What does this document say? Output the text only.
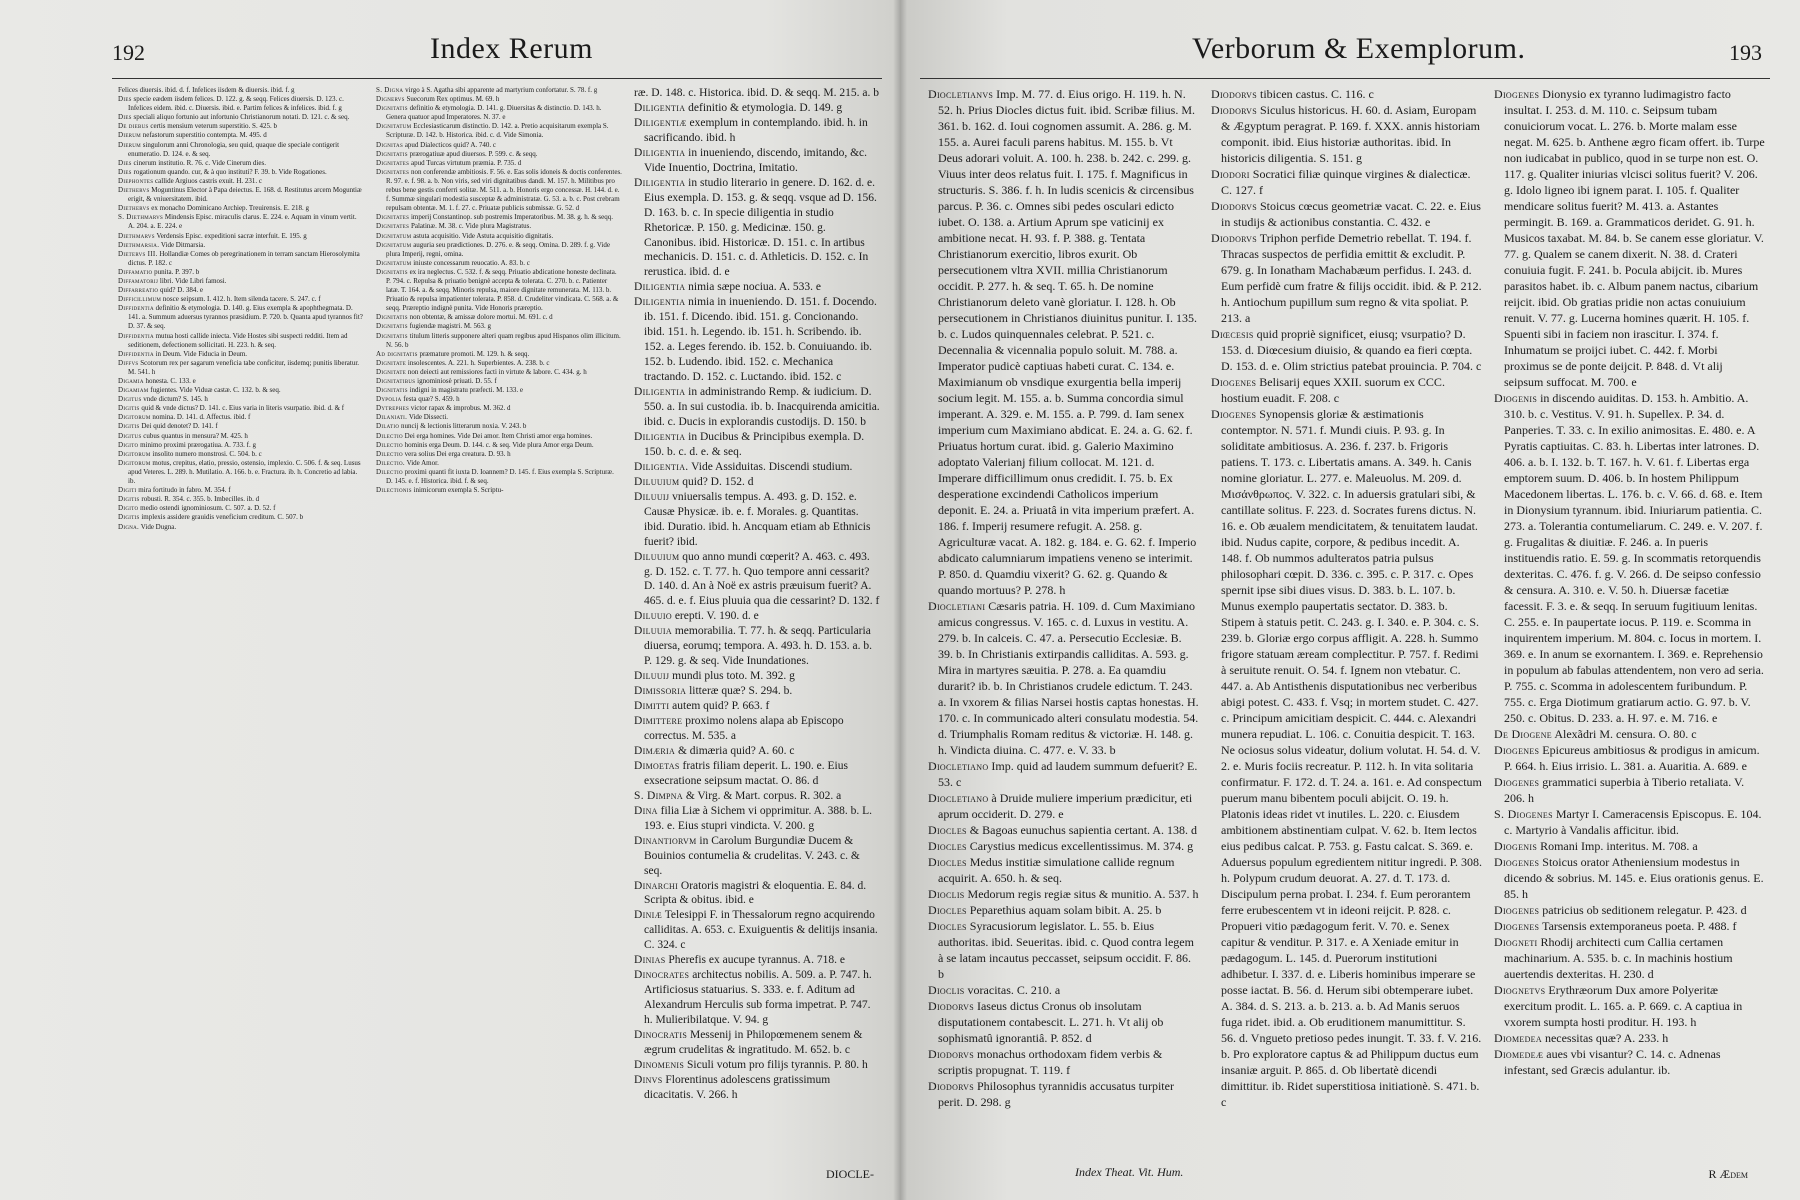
192	Index Rerum

Felices diuersis. ibid. d. f. Infelices iisdem & diuersis. ibid. f. g

Dies specie eædem iisdem felices. D. 122. g. & seqq. Felices diuersis. D. 123. c. Infelices eidem. ibid. c. Diuersis. ibid. e. Partim felices & infelices. ibid. f. g

Dies speciali aliquo fortunio aut infortunio Christianorum notati. D. 121. c. & seq.

De diebus certis mensium veterum superstitio. S. 425. b

Dierum nefastorum superstitio contempta. M. 495. d

Dierum singulorum anni Chronologia, seu quid, quaque die speciale contigerit enumeratio. D. 124. e. & seq.

Dies cinerum institutio. R. 76. c. Vide Cinerum dies.

Dies rogationum quando. cur, & à quo instituti? F. 39. b. Vide Rogationes.

Diephontes callide Argiuos castris exuit. H. 231. c

Diethervs Moguntinus Elector à Papa deiectus. E. 168. d. Restitutus arcem Moguntiæ erigit, & vniuersitatem. ibid.

Diethervs ex monacho Dominicano Archiep. Treuirensis. E. 218. g

S. Diethmarvs Mindensis Episc. miraculis clarus. E. 224. e. Aquam in vinum vertit. A. 204. a. E. 224. e

Diethmarvs Verdensis Episc. expeditioni sacræ interfuit. E. 195. g

Diethmarsia. Vide Ditmarsia.

Dietervs III. Hollandiæ Comes ob peregrinationem in terram sanctam Hierosolymita dictus. P. 182. c

Diffamatio punita. P. 397. b

Diffamatorij libri. Vide Libri famosi.

Diffarreatio quid? D. 384. e

Difficillimum nosce seipsum. I. 412. h. Item silenda tacere. S. 247. c. f

Diffidentia definitio & etymologia. D. 140. g. Eius exempla & apophthegmata. D. 141. a. Summum aduersus tyrannos præsidium. P. 720. b. Quanta apud tyrannos fit? D. 37. & seq.

Diffidentia mutua hosti callide iniecta. Vide Hostes sibi suspecti redditi. Item ad seditionem, defectionem sollicitati. H. 223. h. & seq.

Diffidentia in Deum. Vide Fiducia in Deum.

Diffvs Scotorum rex per sagarum veneficia tabe conficitur, iisdemq; punitis liberatur. M. 541. h

Digamia honesta. C. 133. e

Digamiam fugientes. Vide Viduæ castæ. C. 132. b. & seq.

Digitus vnde dictum? S. 145. h

Digitis quid & vnde dictus? D. 141. c. Eius varia in literis vsurpatio. ibid. d. & f

Digitorum nomina. D. 141. d. Affectus. ibid. f

Digitis Dei quid denotet? D. 141. f

Digitus cubus quantus in mensura? M. 425. h

Digito minimo proximi prærogatiua. A. 733. f. g

Digitorum insolito numero monstrosi. C. 504. b. c

Digitorum motus, crepitus, elatio, pressio, ostensio, implexio. C. 506. f. & seq. Lusus apud Veteres. L. 289. h. Mutilatio. A. 166. b. e. Fractura. ib. h. Concretio ad labia. ib.

Digiti mira fortitudo in fabro. M. 354. f

Digitis robusti. R. 354. c. 355. b. Imbecilles. ib. d

Digito medio ostendi ignominiosum. C. 507. a. D. 52. f

Digitis implexis assidere grauidis veneficium creditum. C. 507. b

Digna. Vide Dugna.

S. Digna virgo à S. Agatha sibi apparente ad martyrium confortatur. S. 78. f. g

Dignervs Suecorum Rex optimus. M. 69. h

Dignitatis definitio & etymologia. D. 141. g. Diuersitas & distinctio. D. 143. h. Genera quatuor apud Imperatores. N. 37. e

Dignitatum Ecclesiasticarum distinctio. D. 142. a. Pretio acquisitarum exempla S. Scripturæ. D. 142. b. Historica. ibid. c. d. Vide Simonia.

Dignitas apud Dialecticos quid? A. 740. c

Dignitatis prærogatiuæ apud diuersos. P. 599. c. & seqq.

Dignitates apud Turcas virtutum præmia. P. 735. d

Dignitates non conferendæ ambitiosis. F. 56. e. Eas solis idoneis & doctis conferentes. R. 97. e. f. 98. a. b. Non viris, sed viri dignitatibus dandi. M. 157. h. Militibus pro rebus bene gestis conferri solitæ. M. 511. a. b. Honoris ergo concessæ. H. 144. d. e. f. Summæ singulari modestia susceptæ & administratæ. G. 53. a. b. c. Post crebram repulsam obtentæ. M. 1. f. 27. c. Priuatæ publicis submissæ. G. 52. d

Dignitates imperij Constantinop. sub postremis Imperatoribus. M. 38. g. h. & seqq.

Dignitates Palatinæ. M. 38. c. Vide plura Magistratus.

Dignitatum astuta acquisitio. Vide Astuta acquisitio dignitatis.

Dignitatum auguria seu prædictiones. D. 276. e. & seqq. Omina. D. 289. f. g. Vide plura Imperij, regni, omina.

Dignitatum iniuste concessarum reuocatio. A. 83. b. c

Dignitatis ex ira neglectus. C. 532. f. & seqq. Priuatio abdicatione honeste declinata. P. 794. c. Repulsa & priuatio benignè accepta & tolerata. C. 270. b. c. Patienter latæ. T. 164. a. & seqq. Minoris repulsa, maiore dignitate remunerata. M. 113. b. Priuatio & repulsa impatienter tolerata. P. 858. d. Crudeliter vindicata. C. 568. a. & seqq. Præreptio indignè punita. Vide Honoris præreptio.

Dignitatis non obtentæ, & amissæ dolore mortui. M. 691. c. d

Dignitatis fugiendæ magistri. M. 563. g

Dignitatis titulum litteris supponere alteri quam regibus apud Hispanos olim illicitum. N. 56. b

Ad dignitatis præmature promoti. M. 129. h. & seqq.

Dignitate insolescentes. A. 221. h. Superbientes. A. 238. b. c

Dignitate non deiecti aut remissiores facti in virtute & labore. C. 434. g. h

Dignitatibus ignominiosè priuati. D. 55. f

Dignitatis indigni in magistratu præfecti. M. 133. e

Dypolia festa quæ? S. 459. h

Dytrephes victor rapax & improbus. M. 362. d

Dilaniati. Vide Dissecti.

Dilatio nuncij & lectionis litterarum noxia. V. 243. b

Dilectio Dei erga homines. Vide Dei amor. Item Christi amor erga homines.

Dilectio hominis erga Deum. D. 144. c. & seq. Vide plura Amor erga Deum.

Dilectio vera solius Dei erga creatura. D. 93. h

Dilectio. Vide Amor.

Dilectio proximi quanti fit iuxta D. Ioannem? D. 145. f. Eius exempla S. Scripturæ. D. 145. e. f. Historica. ibid. f. & seq.

Dilectionis inimicorum exempla S. Scriptu-

ræ. D. 148. c. Historica. ibid. D. & seqq. M. 215. a. b

Diligentia definitio & etymologia. D. 149. g

Diligentiæ exemplum in contemplando. ibid. h. in sacrificando. ibid. h

Diligentia in inueniendo, discendo, imitando, &c. Vide Inuentio, Doctrina, Imitatio.

Diligentia in studio literario in genere. D. 162. d. e. Eius exempla. D. 153. g. & seqq. vsque ad D. 156. D. 163. b. c. In specie diligentia in studio Rhetoricæ. P. 150. g. Medicinæ. 150. g. Canonibus. ibid. Historicæ. D. 151. c. In artibus mechanicis. D. 151. c. d. Athleticis. D. 152. c. In rerustica. ibid. d. e

Diligentia nimia sæpe nociua. A. 533. e

Diligentia nimia in inueniendo. D. 151. f. Docendo. ib. 151. f. Dicendo. ibid. 151. g. Concionando. ibid. 151. h. Legendo. ib. 151. h. Scribendo. ib. 152. a. Leges ferendo. ib. 152. b. Conuiuando. ib. 152. b. Ludendo. ibid. 152. c. Mechanica tractando. D. 152. c. Luctando. ibid. 152. c

Diligentia in administrando Remp. & iudicium. D. 550. a. In sui custodia. ib. b. Inacquirenda amicitia. ibid. c. Ducis in explorandis custodijs. D. 150. b

Diligentia in Ducibus & Principibus exempla. D. 150. b. c. d. e. & seq.

Diligentia. Vide Assiduitas. Discendi studium.

Diluuium quid? D. 152. d

Diluuij vniuersalis tempus. A. 493. g. D. 152. e. Causæ Physicæ. ib. e. f. Morales. g. Quantitas. ibid. Duratio. ibid. h. Ancquam etiam ab Ethnicis fuerit? ibid.

Diluuium quo anno mundi cœperit? A. 463. c. 493. g. D. 152. c. T. 77. h. Quo tempore anni cessarit? D. 140. d. An à Noë ex astris præuisum fuerit? A. 465. d. e. f. Eius pluuia qua die cessarint? D. 132. f

Diluuio erepti. V. 190. d. e

Diluuia memorabilia. T. 77. h. & seqq. Particularia diuersa, eorumq; tempora. A. 493. h. D. 153. a. b. P. 129. g. & seq. Vide Inundationes.

Diluuij mundi plus toto. M. 392. g

Dimissoria litteræ quæ? S. 294. b.

Dimitti autem quid? P. 663. f

Dimittere proximo nolens alapa ab Episcopo correctus. M. 535. a

Dimæria & dimæria quid? A. 60. c

Dimoetas fratris filiam deperit. L. 190. e. Eius exsecratione seipsum mactat. O. 86. d

S. Dimpna & Virg. & Mart. corpus. R. 302. a

Dina filia Liæ à Sichem vi opprimitur. A. 388. b. L. 193. e. Eius stupri vindicta. V. 200. g

Dinantiorvm in Carolum Burgundiæ Ducem & Bouinios contumelia & crudelitas. V. 243. c. & seq.

Dinarchi Oratoris magistri & eloquentia. E. 84. d. Scripta & obitus. ibid. e

Diniæ Telesippi F. in Thessalorum regno acquirendo calliditas. A. 653. c. Exuiguentis & delitijs insania. C. 324. c

Dinias Pherefis ex aucupe tyrannus. A. 718. e

Dinocrates architectus nobilis. A. 509. a. P. 747. h. Artificiosus statuarius. S. 333. e. f. Aditum ad Alexandrum Herculis sub forma impetrat. P. 747. h. Mulieribilatque. V. 94. g

Dinocratis Messenij in Philopœmenem senem & ægrum crudelitas & ingratitudo. M. 652. b. c

Dinomenis Siculi votum pro filijs tyrannis. P. 80. h

Dinvs Florentinus adolescens gratissimum dicacitatis. V. 266. h

DIOCLE-
Verborum & Exemplorum.	193

Diocletianvs Imp. M. 77. d. Eius origo. H. 119. h. N. 52. h. Prius Diocles dictus fuit. ibid. Scribæ filius. M. 361. b. 162. d. Ioui cognomen assumit. A. 286. g. M. 155. a. Aurei faculi parens habitus. M. 155. b. Vt Deus adorari voluit. A. 100. h. 238. b. 242. c. 299. g. Viuus inter deos relatus fuit. I. 175. f. Magnificus in structuris. S. 386. f. h. In ludis scenicis & circensibus parcus. P. 36. c. Omnes sibi pedes osculari edicto iubet. O. 138. a. Artium Aprum spe vaticinij ex ambitione necat. H. 93. f. P. 388. g. Tentata Christianorum exercitio, libros exurit. Ob persecutionem vltra XVII. millia Christianorum occidit. P. 277. h. & seq. T. 65. h. De nomine Christianorum deleto vanè gloriatur. I. 128. h. Ob persecutionem in Christianos diuinitus punitur. I. 135. b. c. Ludos quinquennales celebrat. P. 521. c. Decennalia & vicennalia populo soluit. M. 788. a. Imperator pudicè captiuas habeti curat. C. 134. e. Maximianum ob vnsdique exurgentia bella imperij socium legit. M. 155. a. b. Summa concordia simul imperant. A. 329. e. M. 155. a. P. 799. d. Iam senex imperium cum Maximiano abdicat. E. 24. a. G. 62. f. Priuatus hortum curat. ibid. g. Galerio Maximino adoptato Valerianj filium collocat. M. 121. d. Imperare difficillimum onus credidit. I. 75. b. Ex desperatione excindendi Catholicos imperium deponit. E. 24. a. Priuatâ in vita imperium præfert. A. 186. f. Imperij resumere refugit. A. 258. g. Agriculturæ vacat. A. 182. g. 184. e. G. 62. f. Imperio abdicato calumniarum impatiens veneno se interimit. P. 850. d. Quamdiu vixerit? G. 62. g. Quando & quando mortuus? P. 278. h

Diocletiani Cæsaris patria. H. 109. d. Cum Maximiano amicus congressus. V. 165. c. d. Luxus in vestitu. A. 279. b. In calceis. C. 47. a. Persecutio Ecclesiæ. B. 39. b. In Christianis extirpandis calliditas. A. 593. g. Mira in martyres sæuitia. P. 278. a. Ea quamdiu durarit? ib. b. In Christianos crudele edictum. T. 243. a. In vxorem & filias Narsei hostis captas honestas. H. 170. c. In communicado alteri consulatu modestia. 54. d. Triumphalis Romam reditus & victoriæ. H. 148. g. h. Vindicta diuina. C. 477. e. V. 33. b

Diocletiano Imp. quid ad laudem summum defuerit? E. 53. c

Diocletiano à Druide muliere imperium prædicitur, eti aprum occiderit. D. 279. e

Diocles & Bagoas eunuchus sapientia certant. A. 138. d

Diocles Carystius medicus excellentissimus. M. 374. g

Diocles Medus institiæ simulatione callide regnum acquirit. A. 650. h. & seq.

Dioclis Medorum regis regiæ situs & munitio. A. 537. h

Diocles Peparethius aquam solam bibit. A. 25. b

Diocles Syracusiorum legislator. L. 55. b. Eius authoritas. ibid. Seueritas. ibid. c. Quod contra legem à se latam incautus peccasset, seipsum occidit. F. 86. b

Dioclis voracitas. C. 210. a

Diodorvs Iaseus dictus Cronus ob insolutam disputationem contabescit. L. 271. h. Vt alij ob sophismatû ignorantiâ. P. 852. d

Diodorvs monachus orthodoxam fidem verbis & scriptis propugnat. T. 119. f

Diodorvs Philosophus tyrannidis accusatus turpiter perit. D. 298. g

Diodorvs tibicen castus. C. 116. c

Diodorvs Siculus historicus. H. 60. d. Asiam, Europam & Ægyptum peragrat. P. 169. f. XXX. annis historiam componit. ibid. Eius historiæ authoritas. ibid. In historicis diligentia. S. 151. g

Diodori Socratici filiæ quinque virgines & dialecticæ. C. 127. f

Diodorvs Stoicus cœcus geometriæ vacat. C. 22. e. Eius in studijs & actionibus constantia. C. 432. e

Diodorvs Triphon perfide Demetrio rebellat. T. 194. f. Thracas suspectos de perfidia emittit & excludit. P. 679. g. In Ionatham Machabæum perfidus. I. 243. d. Eum perfidè cum fratre & filijs occidit. ibid. & P. 212. h. Antiochum pupillum sum regno & vita spoliat. P. 213. a

Diœcesis quid propriè significet, eiusq; vsurpatio? D. 153. d. Diœcesium diuisio, & quando ea fieri cœpta. D. 153. d. e. Olim strictius patebat prouincia. P. 704. c

Diogenes Belisarij eques XXII. suorum ex CCC. hostium euadit. F. 208. c

Diogenes Synopensis gloriæ & æstimationis contemptor. N. 571. f. Mundi ciuis. P. 93. g. In soliditate ambitiosus. A. 236. f. 237. b. Frigoris patiens. T. 173. c. Libertatis amans. A. 349. h. Canis nomine gloriatur. L. 277. e. Maleuolus. M. 209. d. Μισάνθρωπος. V. 322. c. In aduersis gratulari sibi, & cantillate solitus. F. 223. d. Socrates furens dictus. N. 16. e. Ob æualem mendicitatem, & tenuitatem laudat. ibid. Nudus capite, corpore, & pedibus incedit. A. 148. f. Ob nummos adulteratos patria pulsus philosophari cœpit. D. 336. c. 395. c. P. 317. c. Opes spernit ipse sibi diues visus. D. 383. b. L. 107. b. Munus exemplo paupertatis sectator. D. 383. b. Stipem à statuis petit. C. 243. g. I. 340. e. P. 304. c. S. 239. b. Gloriæ ergo corpus affligit. A. 228. h. Summo frigore statuam æream complectitur. P. 757. f. Redimi à seruitute renuit. O. 54. f. Ignem non vtebatur. C. 447. a. Ab Antisthenis disputationibus nec verberibus abigi potest. C. 433. f. Vsq; in mortem studet. C. 427. c. Principum amicitiam despicit. C. 444. c. Alexandri munera repudiat. L. 106. c. Conuitia despicit. T. 163. Ne ociosus solus videatur, dolium volutat. H. 54. d. V. 2. e. Muris fociis recreatur. P. 112. h. In vita solitaria confirmatur. F. 172. d. T. 24. a. 161. e. Ad conspectum puerum manu bibentem poculi abijcit. O. 19. h. Platonis ideas ridet vt inutiles. L. 220. c. Eiusdem ambitionem abstinentiam culpat. V. 62. b. Item lectos eius pedibus calcat. P. 753. g. Fastu calcat. S. 369. e. Aduersus populum egredientem nititur ingredi. P. 308. h. Polypum crudum deuorat. A. 27. d. T. 173. d. Discipulum perna probat. I. 234. f. Eum perorantem ferre erubescentem vt in ideoni reijcit. P. 828. c. Propueri vitio pædagogum ferit. V. 70. e. Senex capitur & venditur. P. 317. e. A Xeniade emitur in pædagogum. L. 145. d. Puerorum institutioni adhibetur. I. 337. d. e. Liberis hominibus imperare se posse iactat. B. 56. d. Herum sibi obtemperare iubet. A. 384. d. S. 213. a. b. 213. a. b. Ad Manis seruos fuga ridet. ibid. a. Ob eruditionem manumittitur. S. 56. d. Vngueto pretioso pedes inungit. T. 33. f. V. 216. b. Pro exploratore captus & ad Philippum ductus eum insaniæ arguit. P. 865. d. Ob libertatè dicendi dimittitur. ib. Ridet superstitiosa initiationè. S. 471. b. c

Diogenes Dionysio ex tyranno ludimagistro facto insultat. I. 253. d. M. 110. c. Seipsum tubam conuiciorum vocat. L. 276. b. Morte malam esse negat. M. 625. b. Anthene ægro ficam offert. ib. Turpe non iudicabat in publico, quod in se turpe non est. O. 117. g. Qualiter iniurias vlcisci solitus fuerit? V. 206. g. Idolo ligneo ibi ignem parat. I. 105. f. Qualiter mendicare solitus fuerit? M. 413. a. Astantes permingit. B. 169. a. Grammaticos deridet. G. 91. h. Musicos taxabat. M. 84. b. Se canem esse gloriatur. V. 77. g. Qualem se canem dixerit. N. 38. d. Crateri conuiuia fugit. F. 241. b. Pocula abijcit. ib. Mures parasitos habet. ib. c. Album panem nactus, cibarium reijcit. ibid. Ob gratias pridie non actas conuiuium renuit. V. 77. g. Lucerna homines quærit. H. 105. f. Spuenti sibi in faciem non irascitur. I. 374. f. Inhumatum se proijci iubet. C. 442. f. Morbi proximus se de ponte deijcit. P. 848. d. Vt alij seipsum suffocat. M. 700. e

Diogenis in discendo auiditas. D. 153. h. Ambitio. A. 310. b. c. Vestitus. V. 91. h. Supellex. P. 34. d. Panperies. T. 33. c. In exilio animositas. E. 480. e. A Pyratis captiuitas. C. 83. h. Libertas inter latrones. D. 406. a. b. I. 132. b. T. 167. h. V. 61. f. Libertas erga emptorem suum. D. 406. b. In hostem Philippum Macedonem libertas. L. 176. b. c. V. 66. d. 68. e. Item in Dionysium tyrannum. ibid. Iniuriarum patientia. C. 273. a. Tolerantia contumeliarum. C. 249. e. V. 207. f. g. Frugalitas & diuitiæ. F. 246. a. In pueris instituendis ratio. E. 59. g. In scommatis retorquendis dexteritas. C. 476. f. g. V. 266. d. De seipso confessio & censura. A. 310. e. V. 50. h. Diuersæ facetiæ facessit. F. 3. e. & seqq. In seruum fugitiuum lenitas. C. 255. e. In paupertate iocus. P. 119. e. Scomma in inquirentem imperium. M. 804. c. Iocus in mortem. I. 369. e. In anum se exornantem. I. 369. e. Reprehensio in populum ab fabulas attendentem, non vero ad seria. P. 755. c. Scomma in adolescentem furibundum. P. 755. c. Erga Diotimum gratiarum actio. G. 97. b. V. 250. c. Obitus. D. 233. a. H. 97. e. M. 716. e

De Diogene Alexãdri M. censura. O. 80. c

Diogenes Epicureus ambitiosus & prodigus in amicum. P. 664. h. Eius irrisio. L. 381. a. Auaritia. A. 689. e

Diogenes grammatici superbia à Tiberio retaliata. V. 206. h

S. Diogenes Martyr I. Cameracensis Episcopus. E. 104. c. Martyrio à Vandalis afficitur. ibid.

Diogenis Romani Imp. interitus. M. 708. a

Diogenes Stoicus orator Atheniensium modestus in dicendo & sobrius. M. 145. e. Eius orationis genus. E. 85. h

Diogenes patricius ob seditionem relegatur. P. 423. d

Diogenes Tarsensis extemporaneus poeta. P. 488. f

Diogneti Rhodij architecti cum Callia certamen machinarium. A. 535. b. c. In machinis hostium auertendis dexteritas. H. 230. d

Diognetvs Erythræorum Dux amore Polyeritæ exercitum prodit. L. 165. a. P. 669. c. A captiua in vxorem sumpta hosti proditur. H. 193. h

Diomedea necessitas quæ? A. 233. h

Diomedeæ aues vbi visantur? C. 14. c. Adnenas infestant, sed Græcis adulantur. ib.

Index Theat. Vit. Hum.	R Ædem
